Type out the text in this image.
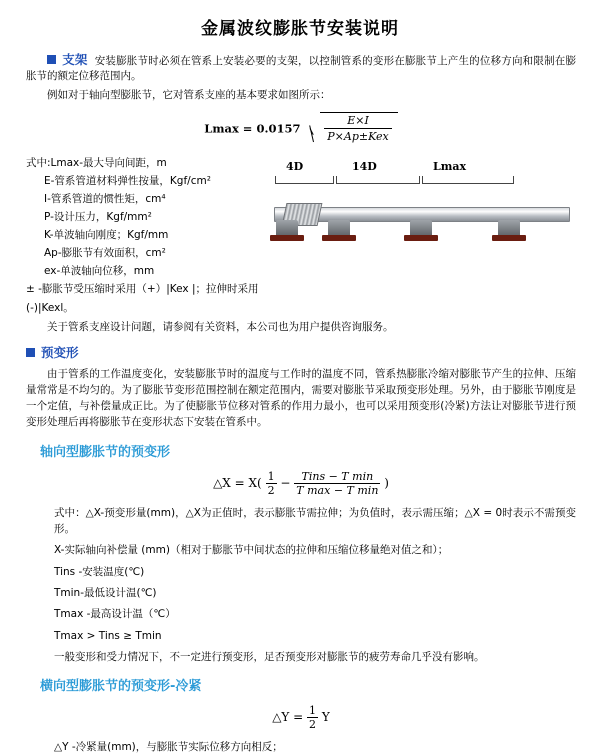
金属波纹膨胀节安装说明

支架 安装膨胀节时必须在管系上安装必要的支架，以控制管系的变形在膨胀节上产生的位移方向和限制在膨胀节的额定位移范围内。

例如对于轴向型膨胀节，它对管系支座的基本要求如图所示：

$Lmax = 0.0157 \frac{E\times I}{\text{P×Ap±Kex}}$
式中:Lmax-最大导向间距，m
E-管系管道材料弹性按量，Kgf/cm²
I-管系管道的惯性矩，cm⁴
P-设计压力，Kgf/mm²
K-单波轴向刚度；Kgf/mm
Ap-膨胀节有效面积，cm²
ex-单波轴向位移，mm
± -膨胀节受压缩时采用（+）|Kex |；拉伸时采用(-)|Kexl。
4D	14D	Lmax

关于管系支座设计问题，请参阅有关资料，本公司也为用户提供咨询服务。

预变形

由于管系的工作温度变化，安装膨胀节时的温度与工作时的温度不同，管系热膨胀冷缩对膨胀节产生的拉伸、压缩量常常是不均匀的。为了膨胀节变形范围控制在额定范围内，需要对膨胀节采取预变形处理。另外，由于膨胀节刚度是一个定值，与补偿量成正比。为了使膨胀节位移对管系的作用力最小，也可以采用预变形(冷紧)方法让对膨胀节进行预变形处理后再将膨胀节在变形状态下安装在管系中。

轴向型膨胀节的预变形
△X = $X( \frac{1}{2}$ −	Tins − T min
T max − T min
)

式中：△X-预变形量(mm)，△X为正值时，表示膨胀节需拉伸；为负值时，表示需压缩；△X = 0时表示不需预变形。

X-实际轴向补偿量 (mm)（相对于膨胀节中间状态的拉伸和压缩位移量绝对值之和）；

Tins -安装温度(℃)

Tmin-最低设计温(℃)

Tmax -最高设计温（℃）

Tmax > Tins ≥ Tmin

一般变形和受力情况下，不一定进行预变形，足否预变形对膨胀节的疲劳寿命几乎没有影响。

横向型膨胀节的预变形-冷紧
△Y = $\frac{1}{2}$ Y

△Y -冷紧量(mm)，与膨胀节实际位移方向相反；
